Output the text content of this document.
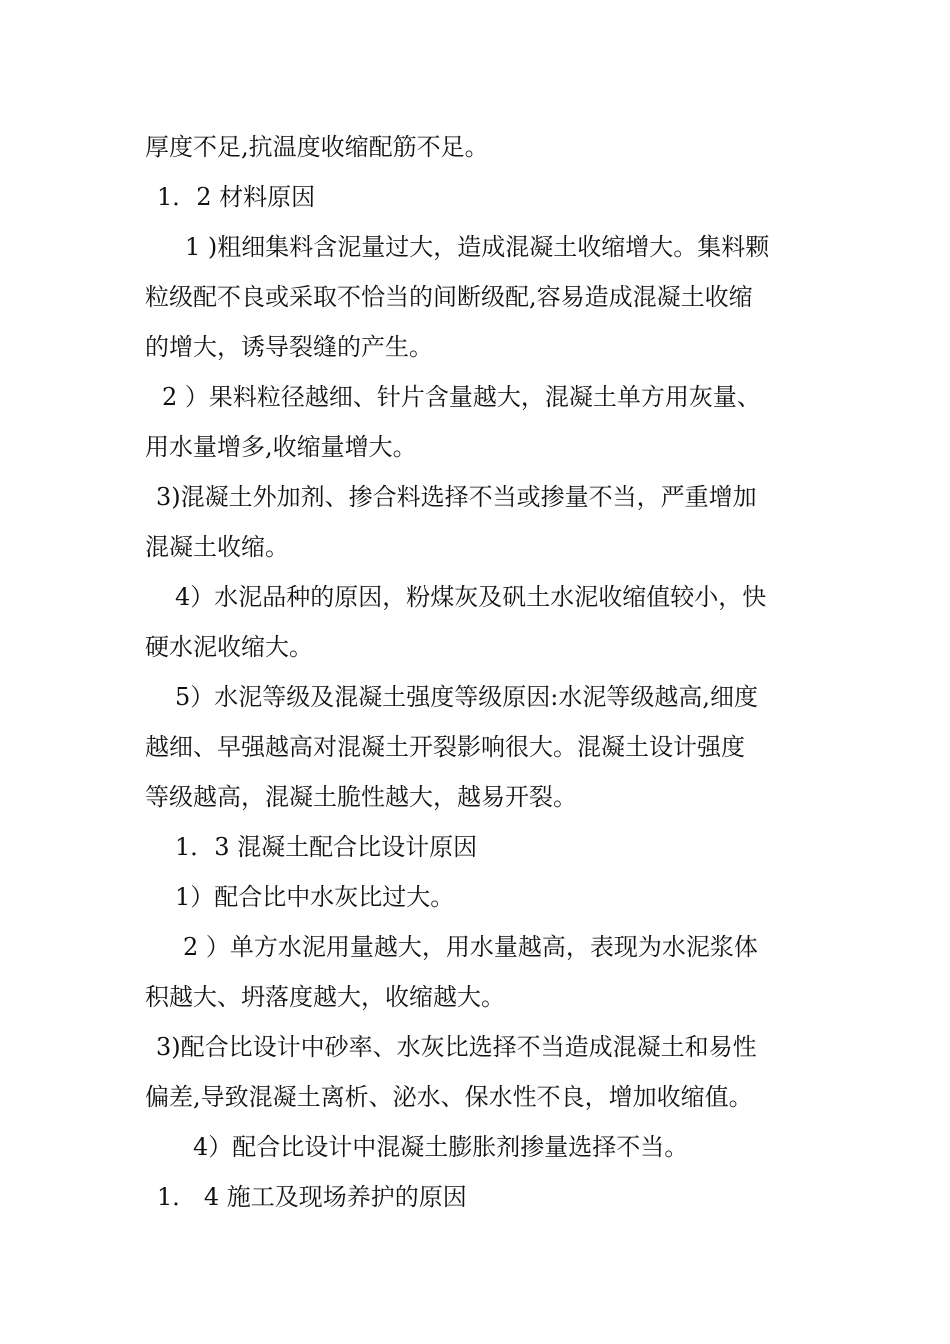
厚度不足,抗温度收缩配筋不足。
1．2 材料原因
1 )粗细集料含泥量过大，造成混凝土收缩增大。集料颗
粒级配不良或采取不恰当的间断级配,容易造成混凝土收缩
的增大，诱导裂缝的产生。
2 ）果料粒径越细、针片含量越大，混凝土单方用灰量、
用水量增多,收缩量增大。
3)混凝土外加剂、掺合料选择不当或掺量不当，严重增加
混凝土收缩。
4）水泥品种的原因，粉煤灰及矾土水泥收缩值较小，快
硬水泥收缩大。
5）水泥等级及混凝土强度等级原因:水泥等级越高,细度
越细、早强越高对混凝土开裂影响很大。混凝土设计强度
等级越高，混凝土脆性越大，越易开裂。
1．3 混凝土配合比设计原因
1）配合比中水灰比过大。
2 ）单方水泥用量越大，用水量越高，表现为水泥浆体
积越大、坍落度越大，收缩越大。
3)配合比设计中砂率、水灰比选择不当造成混凝土和易性
偏差,导致混凝土离析、泌水、保水性不良，增加收缩值。
4）配合比设计中混凝土膨胀剂掺量选择不当。
1． 4 施工及现场养护的原因
